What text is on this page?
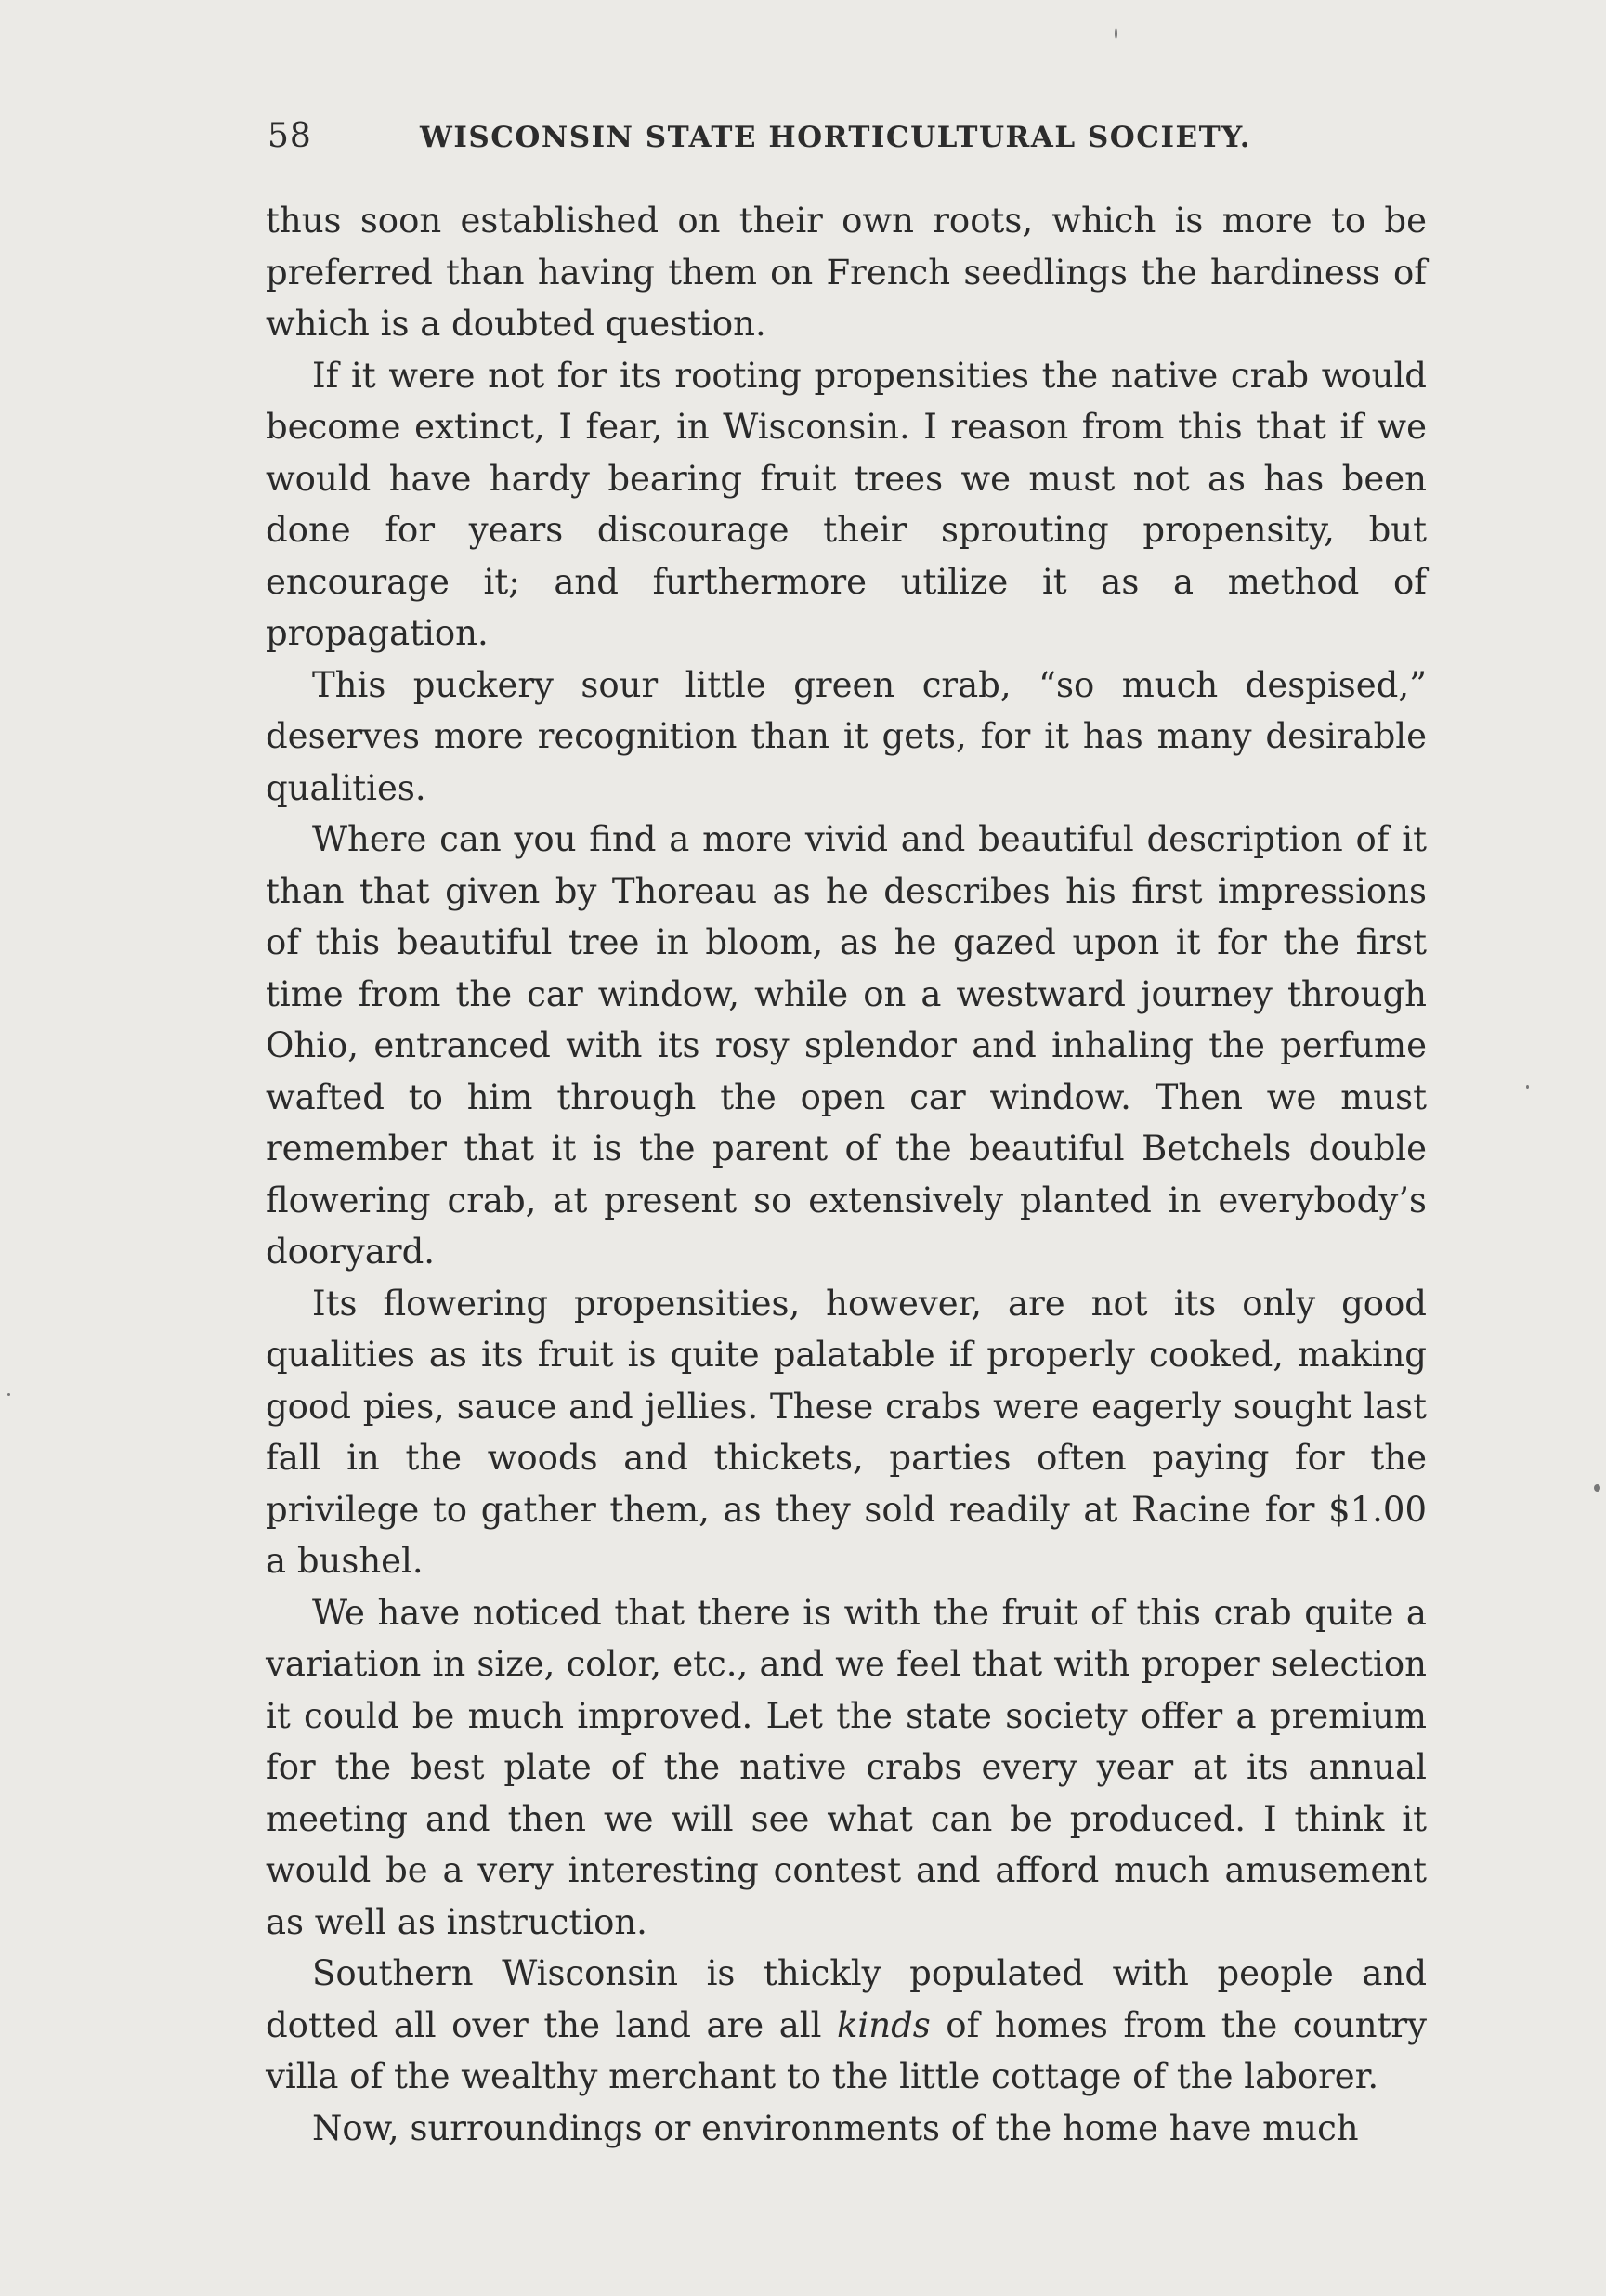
58	WISCONSIN STATE HORTICULTURAL SOCIETY.

thus soon established on their own roots, which is more to be preferred than having them on French seedlings the hardiness of which is a doubted question.

If it were not for its rooting propensities the native crab would become extinct, I fear, in Wisconsin. I reason from this that if we would have hardy bearing fruit trees we must not as has been done for years discourage their sprouting propensity, but encourage it; and furthermore utilize it as a method of propagation.

This puckery sour little green crab, “so much despised,” deserves more recognition than it gets, for it has many desirable qualities.

Where can you find a more vivid and beautiful description of it than that given by Thoreau as he describes his first impressions of this beautiful tree in bloom, as he gazed upon it for the first time from the car window, while on a westward journey through Ohio, entranced with its rosy splendor and inhaling the perfume wafted to him through the open car window. Then we must remember that it is the parent of the beautiful Betchels double flowering crab, at present so extensively planted in everybody’s dooryard.

Its flowering propensities, however, are not its only good qualities as its fruit is quite palatable if properly cooked, making good pies, sauce and jellies. These crabs were eagerly sought last fall in the woods and thickets, parties often paying for the privilege to gather them, as they sold readily at Racine for $1.00 a bushel.

We have noticed that there is with the fruit of this crab quite a variation in size, color, etc., and we feel that with proper selection it could be much improved. Let the state society offer a premium for the best plate of the native crabs every year at its annual meeting and then we will see what can be produced. I think it would be a very interesting contest and afford much amusement as well as instruction.

Southern Wisconsin is thickly populated with people and dotted all over the land are all kinds of homes from the country villa of the wealthy merchant to the little cottage of the laborer.

Now, surroundings or environments of the home have much
